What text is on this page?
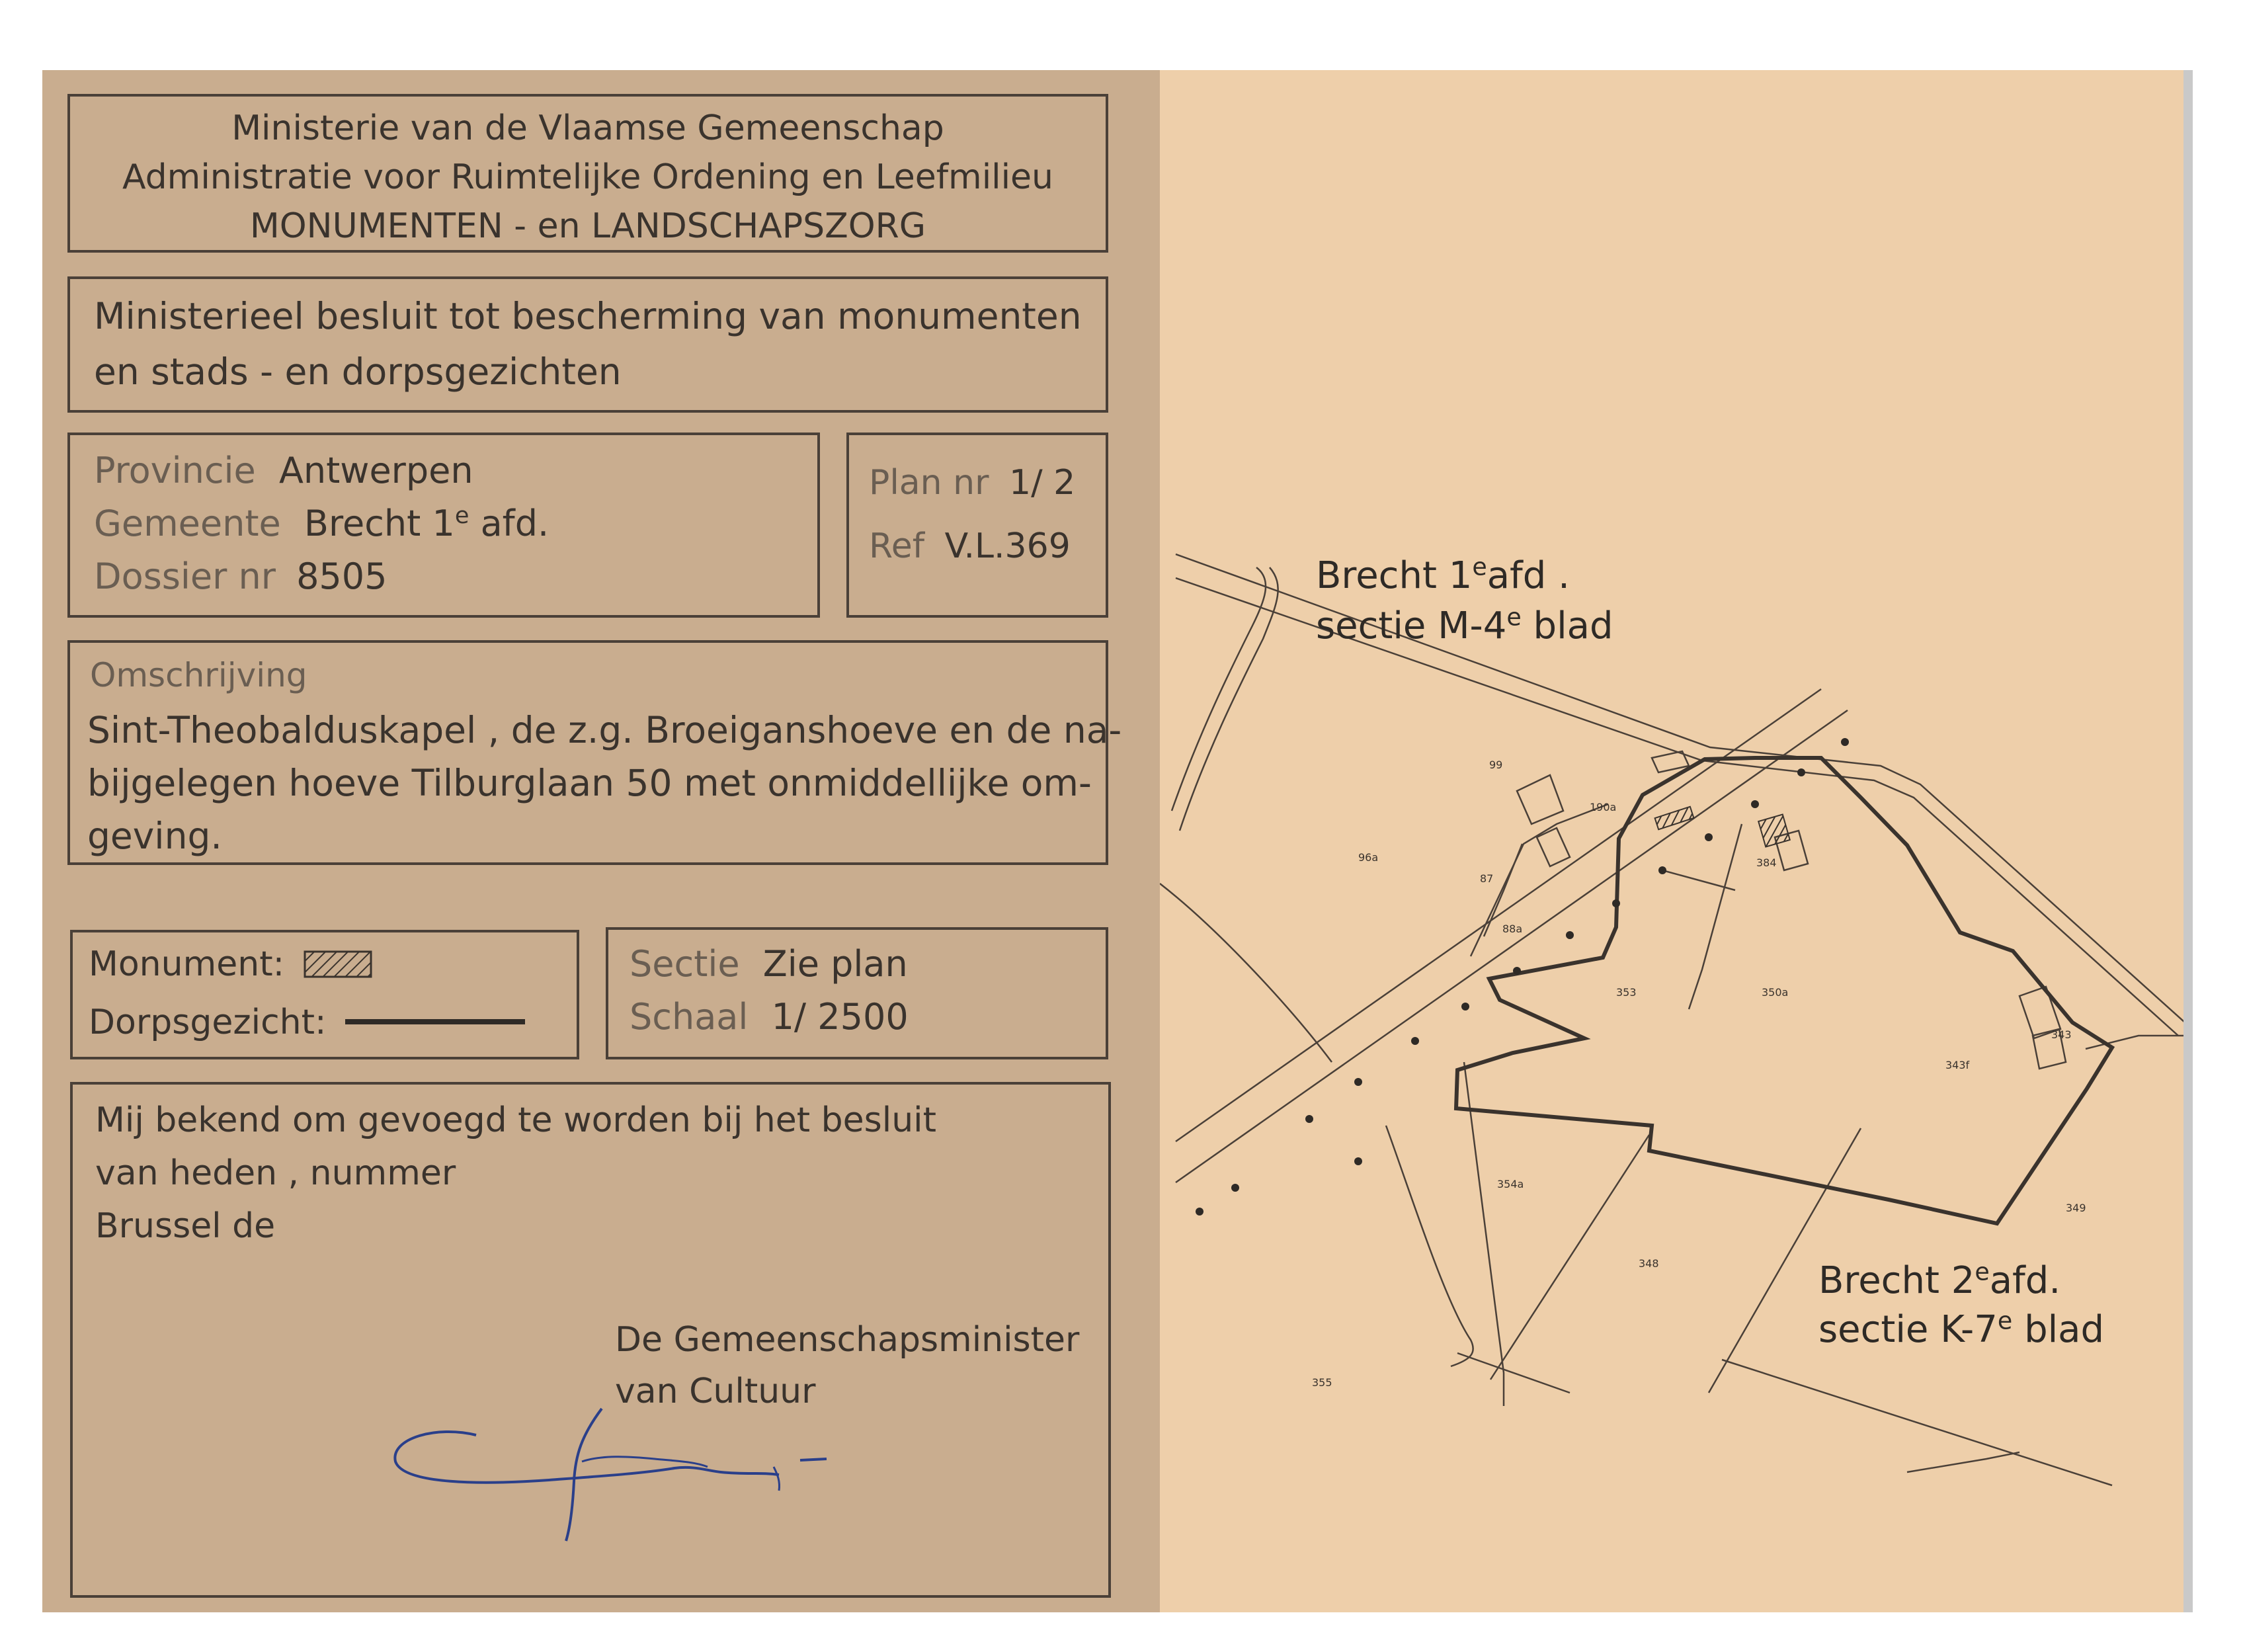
Ministerie van de Vlaamse Gemeenschap
Administratie voor Ruimtelijke Ordening en Leefmilieu
MONUMENTEN - en LANDSCHAPSZORG
Ministerieel besluit tot bescherming van monumenten
en stads - en dorpsgezichten
Provincie Antwerpen
Gemeente Brecht 1e afd.
Dossier nr 8505
Plan nr 1/ 2
Ref V.L.369
Omschrijving
Sint-Theobalduskapel , de z.g. Broeiganshoeve en de na-
bijgelegen hoeve Tilburglaan 50 met onmiddellijke om-
geving.
Monument:
Dorpsgezicht:
Sectie Zie plan
Schaal 1/ 2500
Mij bekend om gevoegd te worden bij het besluit
van heden , nummer
Brussel de
De Gemeenschapsminister
van Cultuur
99
96a
87
88a
190a
384
353	350a
343f
343
354a
348
355
349
Brecht 1eafd .
sectie M-4e blad
Brecht 2eafd.
sectie K-7e blad
